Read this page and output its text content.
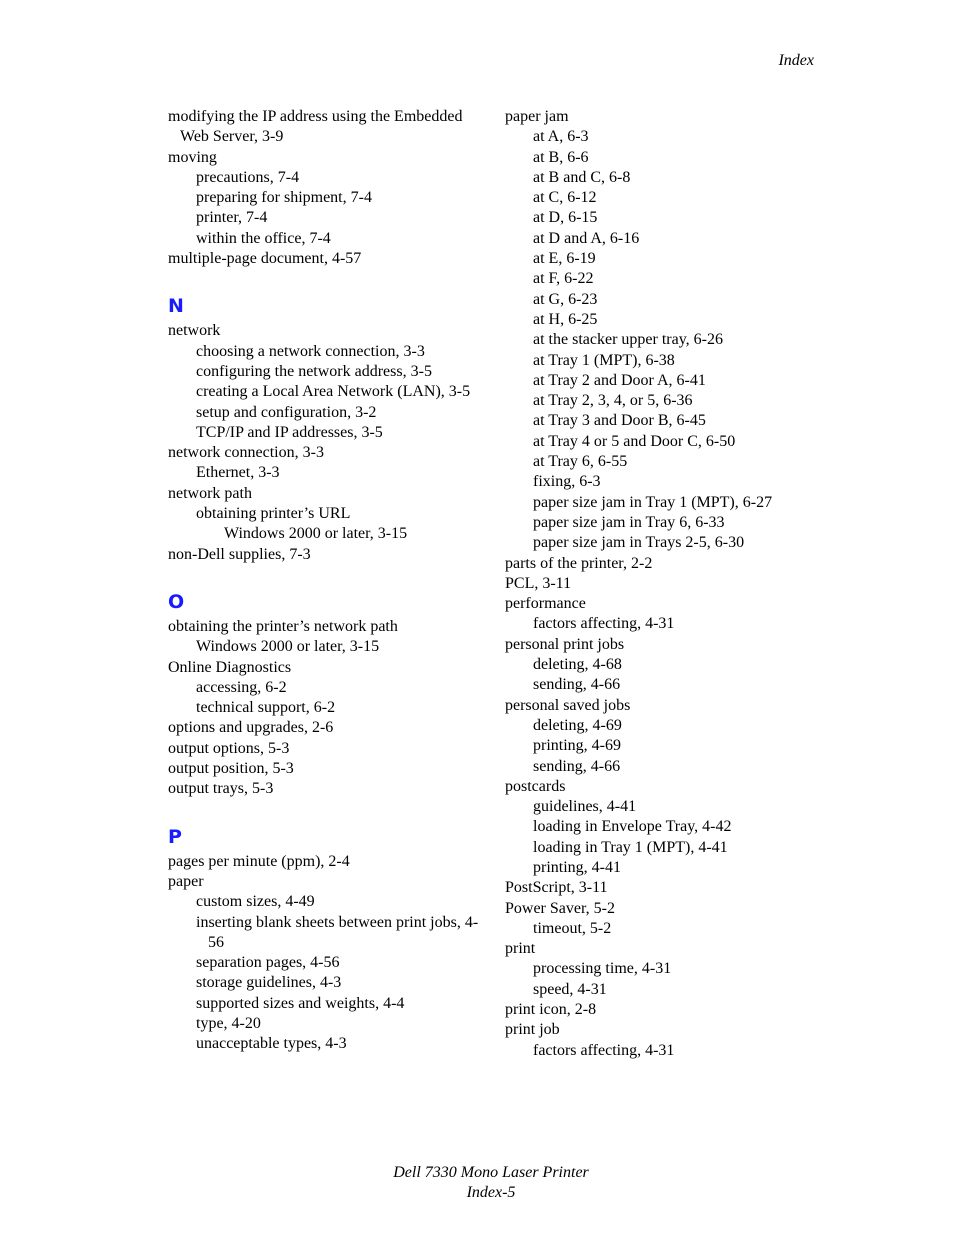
Index
modifying the IP address using the Embedded Web Server, 3-9
moving
precautions, 7-4
preparing for shipment, 7-4
printer, 7-4
within the office, 7-4
multiple-page document, 4-57
N
network
choosing a network connection, 3-3
configuring the network address, 3-5
creating a Local Area Network (LAN), 3-5
setup and configuration, 3-2
TCP/IP and IP addresses, 3-5
network connection, 3-3
Ethernet, 3-3
network path
obtaining printer’s URL
Windows 2000 or later, 3-15
non-Dell supplies, 7-3
O
obtaining the printer’s network path
Windows 2000 or later, 3-15
Online Diagnostics
accessing, 6-2
technical support, 6-2
options and upgrades, 2-6
output options, 5-3
output position, 5-3
output trays, 5-3
P
pages per minute (ppm), 2-4
paper
custom sizes, 4-49
inserting blank sheets between print jobs, 4-56
separation pages, 4-56
storage guidelines, 4-3
supported sizes and weights, 4-4
type, 4-20
unacceptable types, 4-3
paper jam
at A, 6-3
at B, 6-6
at B and C, 6-8
at C, 6-12
at D, 6-15
at D and A, 6-16
at E, 6-19
at F, 6-22
at G, 6-23
at H, 6-25
at the stacker upper tray, 6-26
at Tray 1 (MPT), 6-38
at Tray 2 and Door A, 6-41
at Tray 2, 3, 4, or 5, 6-36
at Tray 3 and Door B, 6-45
at Tray 4 or 5 and Door C, 6-50
at Tray 6, 6-55
fixing, 6-3
paper size jam in Tray 1 (MPT), 6-27
paper size jam in Tray 6, 6-33
paper size jam in Trays 2-5, 6-30
parts of the printer, 2-2
PCL, 3-11
performance
factors affecting, 4-31
personal print jobs
deleting, 4-68
sending, 4-66
personal saved jobs
deleting, 4-69
printing, 4-69
sending, 4-66
postcards
guidelines, 4-41
loading in Envelope Tray, 4-42
loading in Tray 1 (MPT), 4-41
printing, 4-41
PostScript, 3-11
Power Saver, 5-2
timeout, 5-2
print
processing time, 4-31
speed, 4-31
print icon, 2-8
print job
factors affecting, 4-31
Dell 7330 Mono Laser Printer
Index-5
